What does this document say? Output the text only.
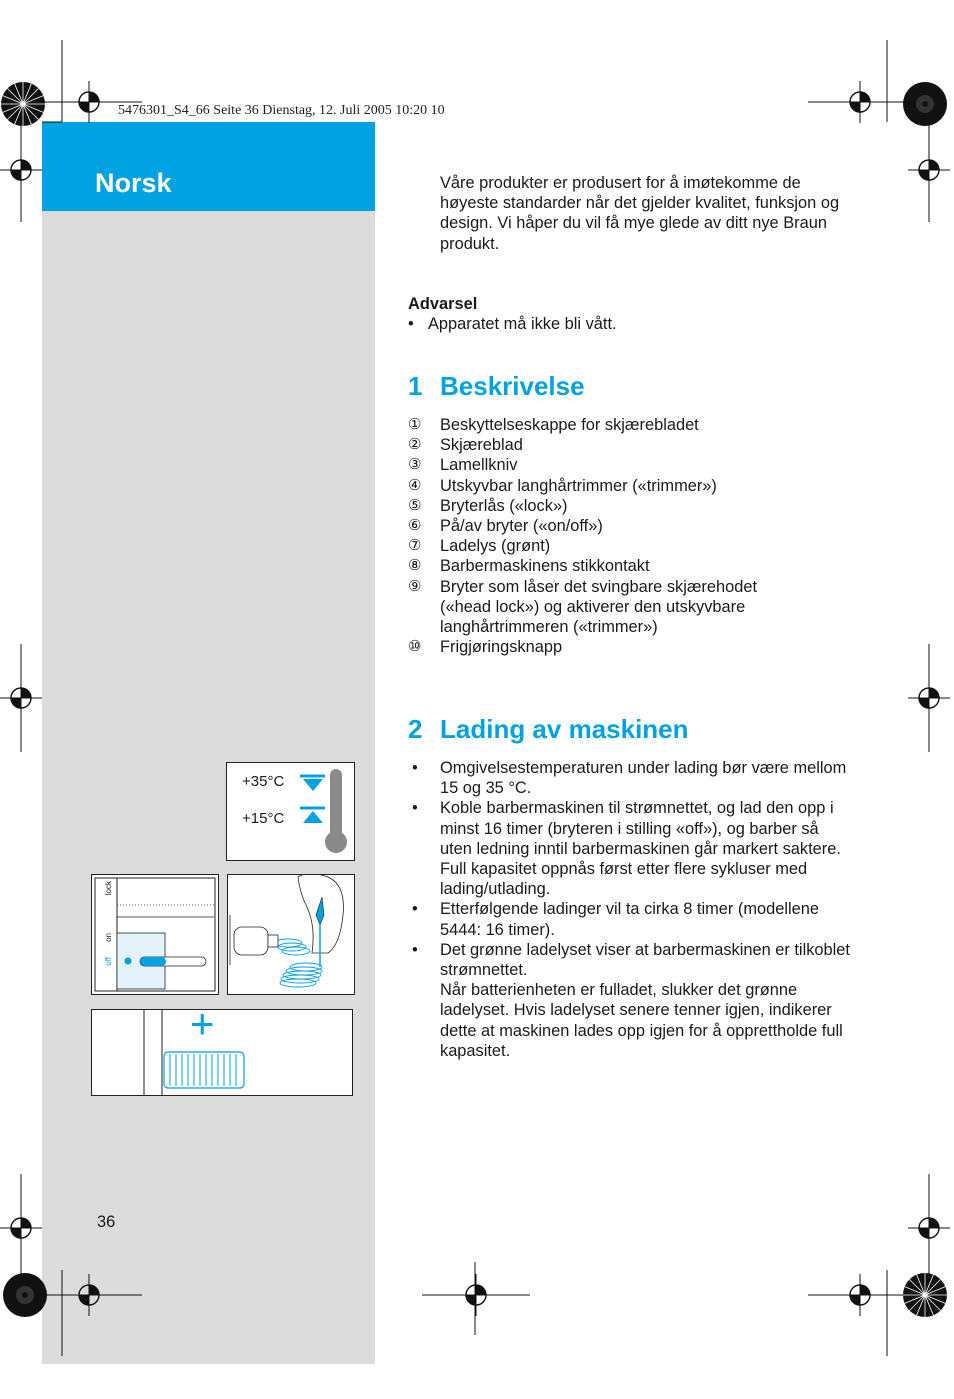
Norsk
5476301_S4_66 Seite 36 Dienstag, 12. Juli 2005 10:20 10
Våre produkter er produsert for å imøtekomme de høyeste standarder når det gjelder kvalitet, funksjon og design. Vi håper du vil få mye glede av ditt nye Braun produkt.
Advarsel
• Apparatet må ikke bli vått.
1 Beskrivelse
①	Beskyttelseskappe for skjærebladet
②	Skjæreblad
③	Lamellkniv
④	Utskyvbar langhårtrimmer («trimmer»)
⑤	Bryterlås («lock»)
⑥	På/av bryter («on/off»)
⑦	Ladelys (grønt)
⑧	Barbermaskinens stikkontakt
⑨	Bryter som låser det svingbare skjærehodet («head lock») og aktiverer den utskyvbare langhårtrimmeren («trimmer»)
⑩	Frigjøringsknapp
2 Lading av maskinen
•	Omgivelsestemperaturen under lading bør være mellom 15 og 35 °C.
•	Koble barbermaskinen til strømnettet, og lad den opp i minst 16 timer (bryteren i stilling «off»), og barber så uten ledning inntil barbermaskinen går markert saktere.
Full kapasitet oppnås først etter flere sykluser med lading/utlading.
•	Etterfølgende ladinger vil ta cirka 8 timer (modellene 5444: 16 timer).
•	Det grønne ladelyset viser at barbermaskinen er tilkoblet strømnettet.
Når batterienheten er fulladet, slukker det grønne ladelyset. Hvis ladelyset senere tenner igjen, indikerer dette at maskinen lades opp igjen for å opprettholde full kapasitet.
+35°C
+15°C
lock
on
off
+
36
